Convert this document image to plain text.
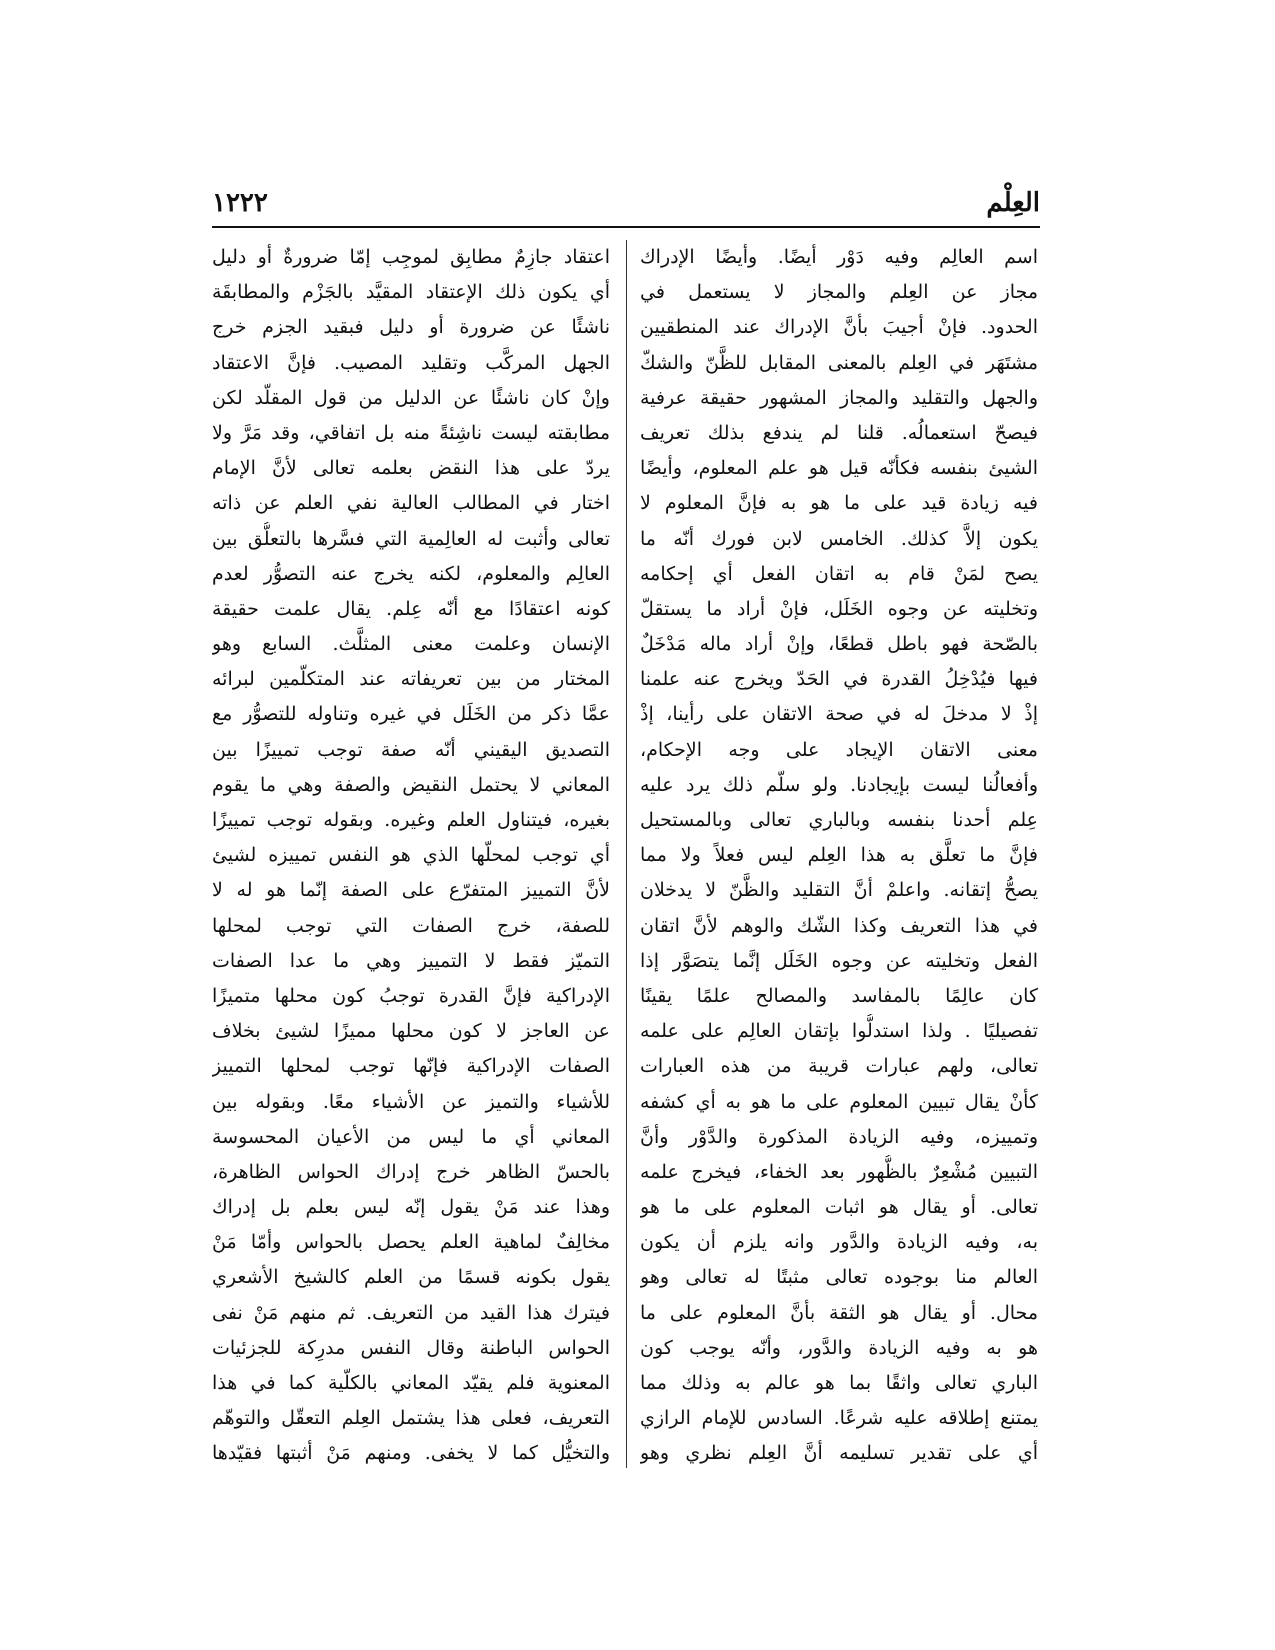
العِلْم
١٢٢٢
اسم العالِم وفيه دَوْر أيضًا. وأيضًا الإدراك
مجاز عن العِلم والمجاز لا يستعمل في
الحدود. فإنْ أجيبَ بأنَّ الإدراك عند المنطقيين
مشتَهَر في العِلم بالمعنى المقابل للظَّنّ والشكّ
والجهل والتقليد والمجاز المشهور حقيقة عرفية
فيصحّ استعمالُه. قلنا لم يندفع بذلك تعريف
الشيئ بنفسه فكأنّه قيل هو علم المعلوم، وأيضًا
فيه زيادة قيد على ما هو به فإنَّ المعلوم لا
يكون إلاَّ كذلك. الخامس لابن فورك أنّه ما
يصح لمَنْ قام به اتقان الفعل أي إحكامه
وتخليته عن وجوه الخَلَل، فإنْ أراد ما يستقلّ
بالصّحة فهو باطل قطعًا، وإنْ أراد ماله مَدْخَلٌ
فيها فيُدْخِلُ القدرة في الحَدّ ويخرج عنه علمنا
إذْ لا مدخلَ له في صحة الاتقان على رأينا، إذْ
معنى الاتقان الإيجاد على وجه الإحكام،
وأفعالُنا ليست بإيجادنا. ولو سلّم ذلك يرد عليه
عِلم أحدنا بنفسه وبالباري تعالى وبالمستحيل
فإنَّ ما تعلَّق به هذا العِلم ليس فعلاً ولا مما
يصحُّ إتقانه. واعلمْ أنَّ التقليد والظَّنّ لا يدخلان
في هذا التعريف وكذا الشّك والوهم لأنَّ اتقان
الفعل وتخليته عن وجوه الخَلَل إنَّما يتصَوَّر إذا
كان عالِمًا بالمفاسد والمصالح علمًا يقينًا
تفصيليًا . ولذا استدلُّوا بإتقان العالِم على علمه
تعالى، ولهم عبارات قريبة من هذه العبارات
كأنْ يقال تبيين المعلوم على ما هو به أي كشفه
وتمييزه، وفيه الزيادة المذكورة والدَّوْر وأنَّ
التبيين مُشْعِرٌ بالظُّهور بعد الخفاء، فيخرج علمه
تعالى. أو يقال هو اثبات المعلوم على ما هو
به، وفيه الزيادة والدَّور وانه يلزم أن يكون
العالم منا بوجوده تعالى مثبتًا له تعالى وهو
محال. أو يقال هو الثقة بأنَّ المعلوم على ما
هو به وفيه الزيادة والدَّور، وأنّه يوجب كون
الباري تعالى واثقًا بما هو عالم به وذلك مما
يمتنع إطلاقه عليه شرعًا. السادس للإمام الرازي
أي على تقدير تسليمه أنَّ العِلم نظري وهو
اعتقاد جازِمٌ مطابِق لموجِب إمّا ضرورةٌ أو دليل
أي يكون ذلك الإعتقاد المقيَّد بالجَزْم والمطابقَة
ناشئًا عن ضرورة أو دليل فبقيد الجزم خرج
الجهل المركَّب وتقليد المصيب. فإنَّ الاعتقاد
وإنْ كان ناشئًا عن الدليل من قول المقلّد لكن
مطابقته ليست ناشِئةً منه بل اتفاقي، وقد مَرَّ ولا
يردّ على هذا النقض بعلمه تعالى لأنَّ الإمام
اختار في المطالب العالية نفي العلم عن ذاته
تعالى وأثبت له العالِمية التي فسَّرها بالتعلُّق بين
العالِم والمعلوم، لكنه يخرج عنه التصوُّر لعدم
كونه اعتقادًا مع أنّه عِلم. يقال علمت حقيقة
الإنسان وعلمت معنى المثلَّث. السابع وهو
المختار من بين تعريفاته عند المتكلّمين لبرائه
عمَّا ذكر من الخَلَل في غيره وتناوله للتصوُّر مع
التصديق اليقيني أنّه صفة توجب تمييزًا بين
المعاني لا يحتمل النقيض والصفة وهي ما يقوم
بغيره، فيتناول العلم وغيره. وبقوله توجب تمييزًا
أي توجب لمحلّها الذي هو النفس تمييزه لشيئ
لأنَّ التمييز المتفرّع على الصفة إنّما هو له لا
للصفة، خرج الصفات التي توجب لمحلها
التميّز فقط لا التمييز وهي ما عدا الصفات
الإدراكية فإنَّ القدرة توجبُ كون محلها متميزًا
عن العاجز لا كون محلها مميزًا لشيئ بخلاف
الصفات الإدراكية فإنّها توجب لمحلها التمييز
للأشياء والتميز عن الأشياء معًا. وبقوله بين
المعاني أي ما ليس من الأعيان المحسوسة
بالحسّ الظاهر خرج إدراك الحواس الظاهرة،
وهذا عند مَنْ يقول إنّه ليس بعلم بل إدراك
مخالِفٌ لماهية العلم يحصل بالحواس وأمّا مَنْ
يقول بكونه قسمًا من العلم كالشيخ الأشعري
فيترك هذا القيد من التعريف. ثم منهم مَنْ نفى
الحواس الباطنة وقال النفس مدرِكة للجزئيات
المعنوية فلم يقيّد المعاني بالكلّية كما في هذا
التعريف، فعلى هذا يشتمل العِلم التعقّل والتوهّم
والتخيُّل كما لا يخفى. ومنهم مَنْ أثبتها فقيّدها
